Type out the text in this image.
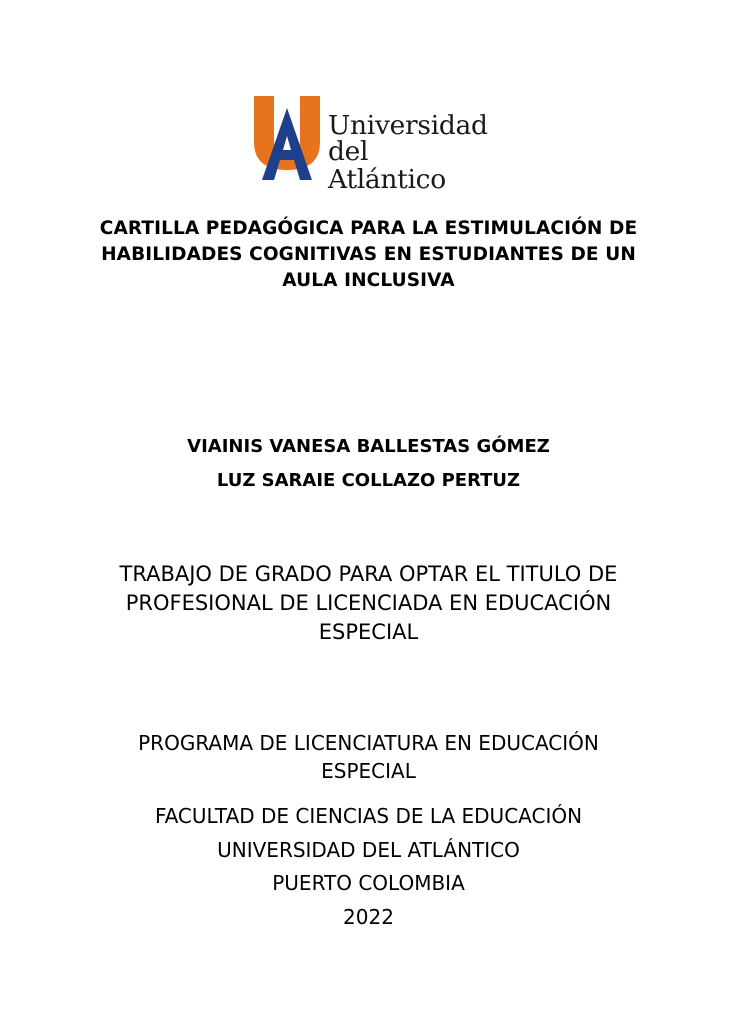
Universidad
del Atlántico
CARTILLA PEDAGÓGICA PARA LA ESTIMULACIÓN DE
HABILIDADES COGNITIVAS EN ESTUDIANTES DE UN
AULA INCLUSIVA
VIAINIS VANESA BALLESTAS GÓMEZ
LUZ SARAIE COLLAZO PERTUZ
TRABAJO DE GRADO PARA OPTAR EL TITULO DE
PROFESIONAL DE LICENCIADA EN EDUCACIÓN
ESPECIAL
PROGRAMA DE LICENCIATURA EN EDUCACIÓN
ESPECIAL
FACULTAD DE CIENCIAS DE LA EDUCACIÓN
UNIVERSIDAD DEL ATLÁNTICO
PUERTO COLOMBIA
2022
